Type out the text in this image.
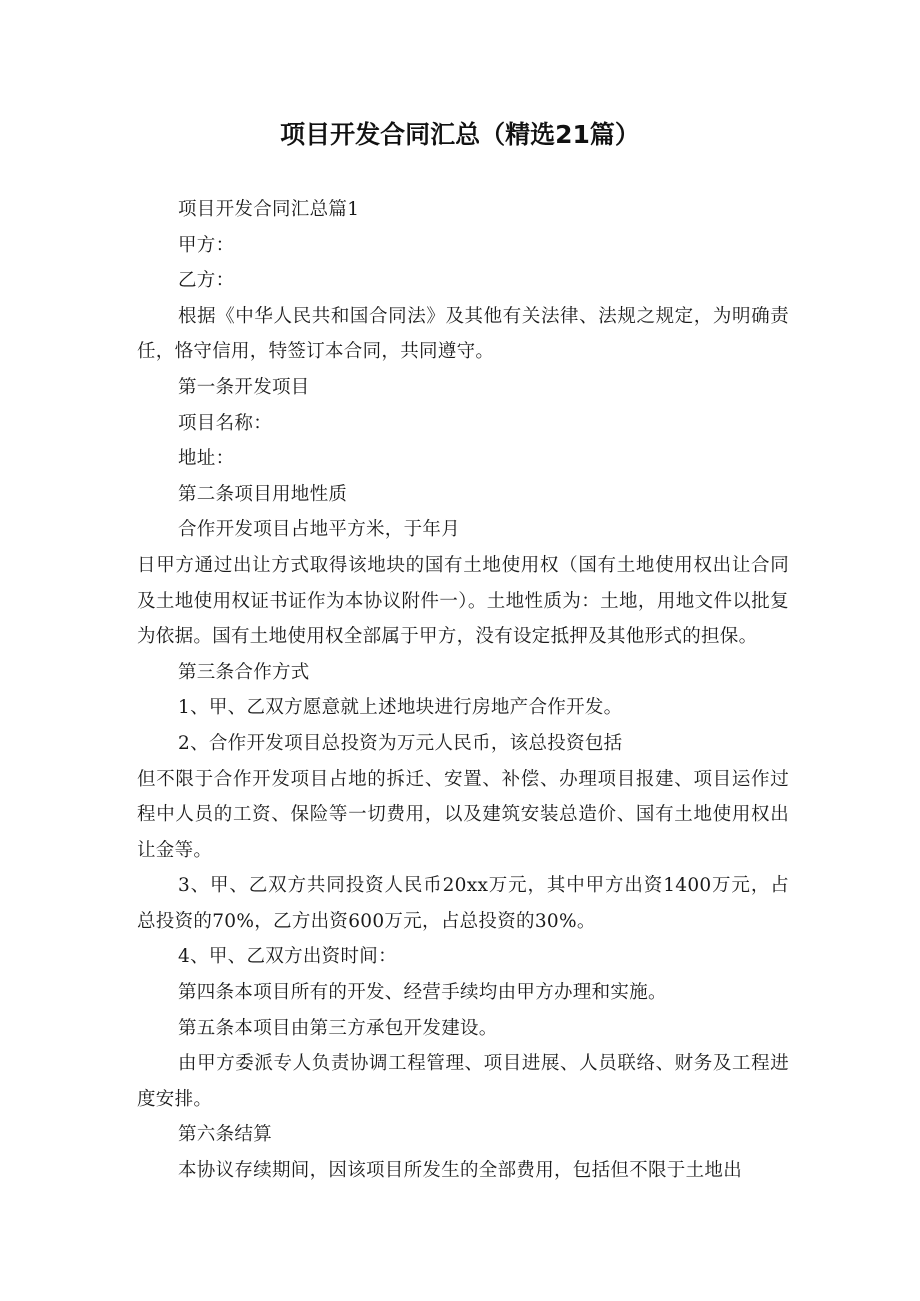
项目开发合同汇总（精选21篇）

项目开发合同汇总篇1

甲方：

乙方：

根据《中华人民共和国合同法》及其他有关法律、法规之规定，为明确责任，恪守信用，特签订本合同，共同遵守。

第一条开发项目

项目名称：

地址：

第二条项目用地性质

合作开发项目占地平方米，于年月

日甲方通过出让方式取得该地块的国有土地使用权（国有土地使用权出让合同及土地使用权证书证作为本协议附件一）。土地性质为：土地，用地文件以批复为依据。国有土地使用权全部属于甲方，没有设定抵押及其他形式的担保。

第三条合作方式

1、甲、乙双方愿意就上述地块进行房地产合作开发。

2、合作开发项目总投资为万元人民币，该总投资包括

但不限于合作开发项目占地的拆迁、安置、补偿、办理项目报建、项目运作过程中人员的工资、保险等一切费用，以及建筑安装总造价、国有土地使用权出让金等。

3、甲、乙双方共同投资人民币20xx万元，其中甲方出资1400万元，占总投资的70%，乙方出资600万元，占总投资的30%。

4、甲、乙双方出资时间：

第四条本项目所有的开发、经营手续均由甲方办理和实施。

第五条本项目由第三方承包开发建设。

由甲方委派专人负责协调工程管理、项目进展、人员联络、财务及工程进度安排。

第六条结算

本协议存续期间，因该项目所发生的全部费用，包括但不限于土地出
